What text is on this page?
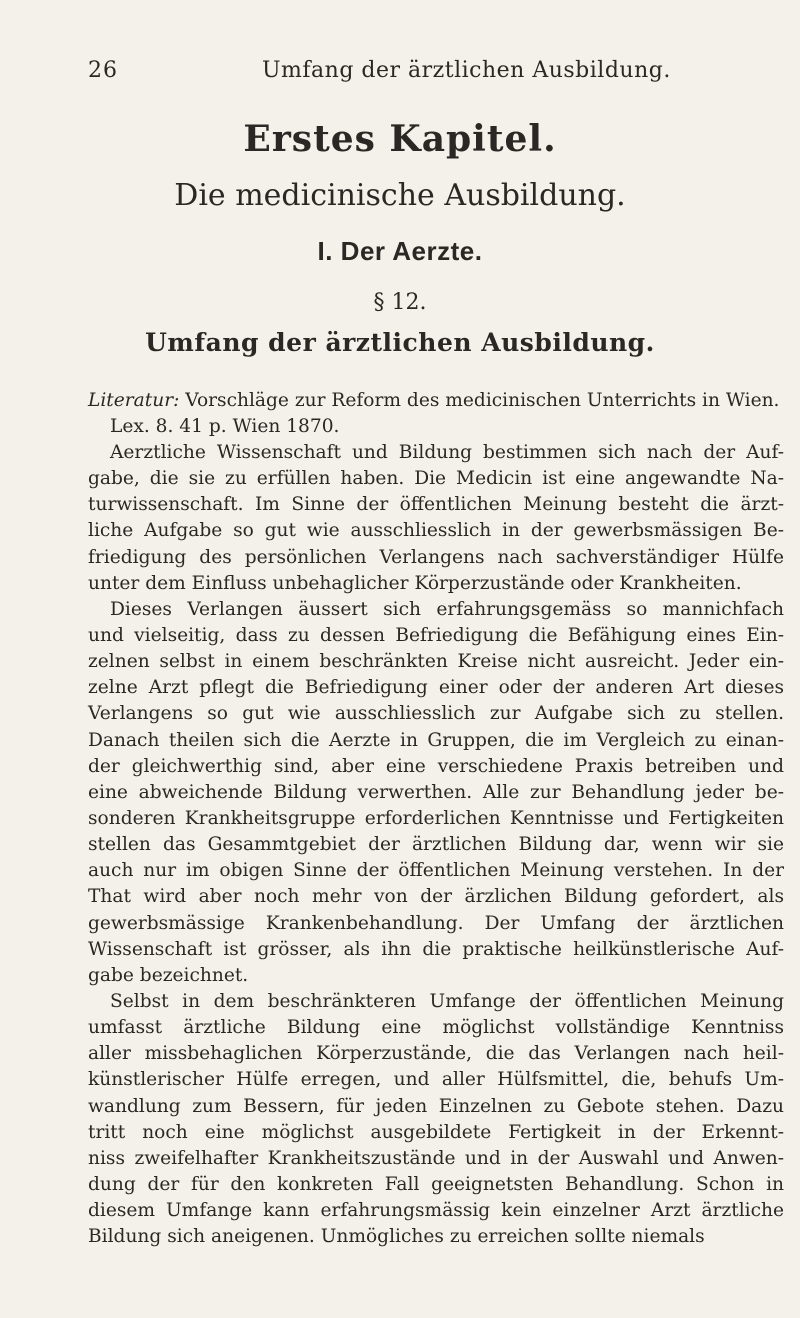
26	Umfang der ärztlichen Ausbildung.
Erstes Kapitel.
Die medicinische Ausbildung.
I. Der Aerzte.
§ 12.
Umfang der ärztlichen Ausbildung.
Literatur: Vorschläge zur Reform des medicinischen Unterrichts in Wien.
Lex. 8. 41 p. Wien 1870.
Aerztliche Wissenschaft und Bildung bestimmen sich nach der Auf-
gabe, die sie zu erfüllen haben. Die Medicin ist eine angewandte Na-
turwissenschaft. Im Sinne der öffentlichen Meinung besteht die ärzt-
liche Aufgabe so gut wie ausschliesslich in der gewerbsmässigen Be-
friedigung des persönlichen Verlangens nach sachverständiger Hülfe
unter dem Einfluss unbehaglicher Körperzustände oder Krankheiten.
Dieses Verlangen äussert sich erfahrungsgemäss so mannichfach
und vielseitig, dass zu dessen Befriedigung die Befähigung eines Ein-
zelnen selbst in einem beschränkten Kreise nicht ausreicht. Jeder ein-
zelne Arzt pflegt die Befriedigung einer oder der anderen Art dieses
Verlangens so gut wie ausschliesslich zur Aufgabe sich zu stellen.
Danach theilen sich die Aerzte in Gruppen, die im Vergleich zu einan-
der gleichwerthig sind, aber eine verschiedene Praxis betreiben und
eine abweichende Bildung verwerthen. Alle zur Behandlung jeder be-
sonderen Krankheitsgruppe erforderlichen Kenntnisse und Fertigkeiten
stellen das Gesammtgebiet der ärztlichen Bildung dar, wenn wir sie
auch nur im obigen Sinne der öffentlichen Meinung verstehen. In der
That wird aber noch mehr von der ärzlichen Bildung gefordert, als
gewerbsmässige Krankenbehandlung. Der Umfang der ärztlichen
Wissenschaft ist grösser, als ihn die praktische heilkünstlerische Auf-
gabe bezeichnet.
Selbst in dem beschränkteren Umfange der öffentlichen Meinung
umfasst ärztliche Bildung eine möglichst vollständige Kenntniss
aller missbehaglichen Körperzustände, die das Verlangen nach heil-
künstlerischer Hülfe erregen, und aller Hülfsmittel, die, behufs Um-
wandlung zum Bessern, für jeden Einzelnen zu Gebote stehen. Dazu
tritt noch eine möglichst ausgebildete Fertigkeit in der Erkennt-
niss zweifelhafter Krankheitszustände und in der Auswahl und Anwen-
dung der für den konkreten Fall geeignetsten Behandlung. Schon in
diesem Umfange kann erfahrungsmässig kein einzelner Arzt ärztliche
Bildung sich aneigenen. Unmögliches zu erreichen sollte niemals
